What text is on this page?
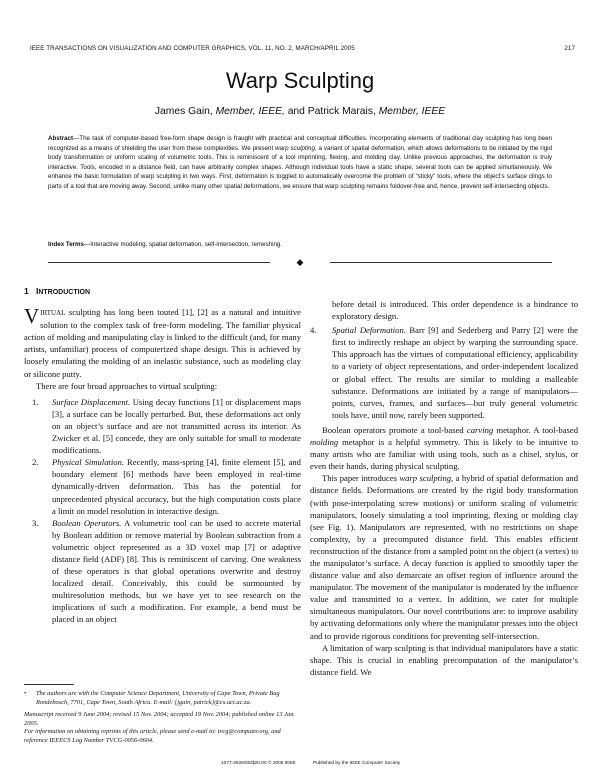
IEEE TRANSACTIONS ON VISUALIZATION AND COMPUTER GRAPHICS, VOL. 11, NO. 2, MARCH/APRIL 2005	217
Warp Sculpting
James Gain, Member, IEEE, and Patrick Marais, Member, IEEE
Abstract—The task of computer-based free-form shape design is fraught with practical and conceptual difficulties. Incorporating elements of traditional clay sculpting has long been recognized as a means of shielding the user from these complexities. We present warp sculpting, a variant of spatial deformation, which allows deformations to be initiated by the rigid body transformation or uniform scaling of volumetric tools. This is reminiscent of a tool imprinting, flexing, and molding clay. Unlike previous approaches, the deformation is truly interactive. Tools, encoded in a distance field, can have arbitrarily complex shapes. Although individual tools have a static shape, several tools can be applied simultaneously. We enhance the basic formulation of warp sculpting in two ways. First, deformation is toggled to automatically overcome the problem of “sticky” tools, where the object’s surface clings to parts of a tool that are moving away. Second, unlike many other spatial deformations, we ensure that warp sculpting remains foldover-free and, hence, prevent self-intersecting objects.
Index Terms—Interactive modeling, spatial deformation, self-intersection, remeshing.
◆
1 INTRODUCTION

VIRTUAL sculpting has long been touted [1], [2] as a natural and intuitive solution to the complex task of free-form modeling. The familiar physical action of molding and manipulating clay is linked to the difficult (and, for many artists, unfamiliar) process of computerized shape design. This is achieved by loosely emulating the molding of an inelastic substance, such as modeling clay or silicone putty.

There are four broad approaches to virtual sculpting:

1. Surface Displacement. Using decay functions [1] or displacement maps [3], a surface can be locally perturbed. But, these deformations act only on an object’s surface and are not transmitted across its interior. As Zwicker et al. [5] concede, they are only suitable for small to moderate modifications.
2. Physical Simulation. Recently, mass-spring [4], finite element [5], and boundary element [6] methods have been employed in real-time dynamically-driven deformation. This has the potential for unprecedented physical accuracy, but the high computation costs place a limit on model resolution in interactive design.
3. Boolean Operators. A volumetric tool can be used to accrete material by Boolean addition or remove material by Boolean subtraction from a volumetric object represented as a 3D voxel map [7] or adaptive distance field (ADF) [8]. This is reminiscent of carving. One weakness of these operators is that global operations overwrite and destroy localized detail. Conceivably, this could be surmounted by multiresolution methods, but we have yet to see research on the implications of such a modification. For example, a bend must be placed in an object

before detail is introduced. This order dependence is a hindrance to exploratory design.

4. Spatial Deformation. Barr [9] and Sederberg and Parry [2] were the first to indirectly reshape an object by warping the surrounding space. This approach has the virtues of computational efficiency, applicability to a variety of object representations, and order-independent localized or global effect. The results are similar to molding a malleable substance. Deformations are initiated by a range of manipulators—points, curves, frames, and surfaces—but truly general volumetric tools have, until now, rarely been supported.

Boolean operators promote a tool-based carving metaphor. A tool-based molding metaphor is a helpful symmetry. This is likely to be intuitive to many artists who are familiar with using tools, such as a chisel, stylus, or even their hands, during physical sculpting.

This paper introduces warp sculpting, a hybrid of spatial deformation and distance fields. Deformations are created by the rigid body transformation (with pose-interpolating screw motions) or uniform scaling of volumetric manipulators, loosely simulating a tool imprinting, flexing or molding clay (see Fig. 1). Manipulators are represented, with no restrictions on shape complexity, by a precomputed distance field. This enables efficient reconstruction of the distance from a sampled point on the object (a vertex) to the manipulator’s surface. A decay function is applied to smoothly taper the distance value and also demarcate an offset region of influence around the manipulator. The movement of the manipulator is moderated by the influence value and transmitted to a vertex. In addition, we cater for multiple simultaneous manipulators. Our novel contributions are: to improve usability by activating deformations only where the manipulator presses into the object and to provide rigorous conditions for preventing self-intersection.

A limitation of warp sculpting is that individual manipulators have a static shape. This is crucial in enabling precomputation of the manipulator’s distance field. We

• The authors are with the Computer Science Department, University of Cape Town, Private Bag Rondebosch, 7701, Cape Town, South Africa. E-mail: {jgain, patrick}@cs.uct.ac.za.
Manuscript received 9 June 2004; revised 15 Nov. 2004; accepted 19 Nov. 2004; published online 13 Jan. 2005.
For information on obtaining reprints of this article, please send e-mail to: tvcg@computer.org, and reference IEEECS Log Number TVCG-0056-0604.
1077-2626/05/$20.00 © 2005 IEEE	Published by the IEEE Computer Society
